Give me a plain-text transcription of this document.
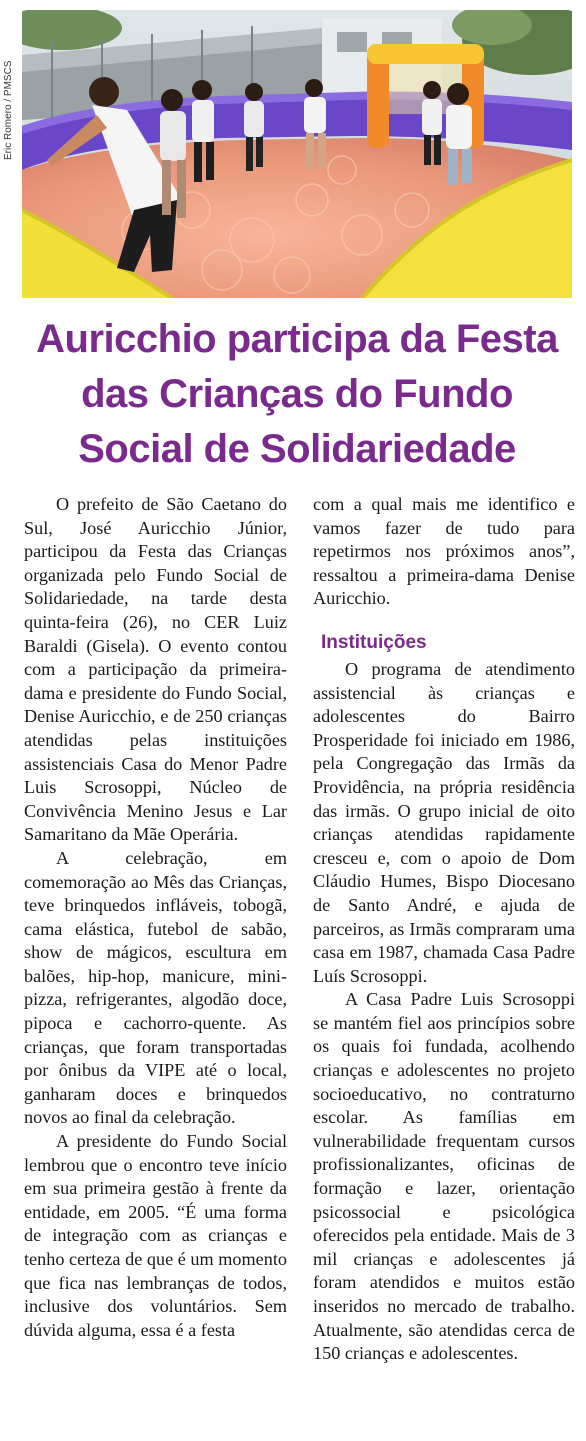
Eric Romero / PMSCS
Auricchio participa da Festa das Crianças do Fundo Social de Solidariedade

O prefeito de São Caetano do Sul, José Auricchio Júnior, participou da Festa das Crianças organizada pelo Fundo Social de Solidariedade, na tarde desta quinta-feira (26), no CER Luiz Baraldi (Gisela). O evento contou com a participação da primeira-dama e presidente do Fundo Social, Denise Auricchio, e de 250 crianças atendidas pelas instituições assistenciais Casa do Menor Padre Luis Scrosoppi, Núcleo de Convivência Menino Jesus e Lar Samaritano da Mãe Operária.

A celebração, em comemoração ao Mês das Crianças, teve brinquedos infláveis, tobogã, cama elástica, futebol de sabão, show de mágicos, escultura em balões, hip-hop, manicure, mini-pizza, refrigerantes, algodão doce, pipoca e cachorro-quente. As crianças, que foram transportadas por ônibus da VIPE até o local, ganharam doces e brinquedos novos ao final da celebração.

A presidente do Fundo Social lembrou que o encontro teve início em sua primeira gestão à frente da entidade, em 2005. “É uma forma de integração com as crianças e tenho certeza de que é um momento que fica nas lembranças de todos, inclusive dos voluntários. Sem dúvida alguma, essa é a festa

com a qual mais me identifico e vamos fazer de tudo para repetirmos nos próximos anos”, ressaltou a primeira-dama Denise Auricchio.

Instituições

O programa de atendimento assistencial às crianças e adolescentes do Bairro Prosperidade foi iniciado em 1986, pela Congregação das Irmãs da Providência, na própria residência das irmãs. O grupo inicial de oito crianças atendidas rapidamente cresceu e, com o apoio de Dom Cláudio Humes, Bispo Diocesano de Santo André, e ajuda de parceiros, as Irmãs compraram uma casa em 1987, chamada Casa Padre Luís Scrosoppi.

A Casa Padre Luis Scrosoppi se mantém fiel aos princípios sobre os quais foi fundada, acolhendo crianças e adolescentes no projeto socioeducativo, no contraturno escolar. As famílias em vulnerabilidade frequentam cursos profissionalizantes, oficinas de formação e lazer, orientação psicossocial e psicológica oferecidos pela entidade. Mais de 3 mil crianças e adolescentes já foram atendidos e muitos estão inseridos no mercado de trabalho. Atualmente, são atendidas cerca de 150 crianças e adolescentes.
